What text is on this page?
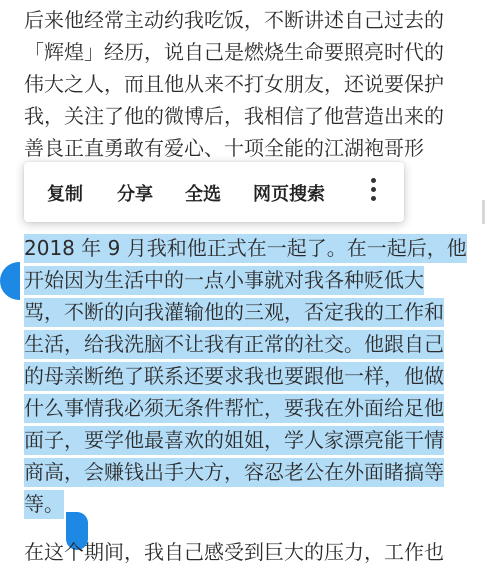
后来他经常主动约我吃饭，不断讲述自己过去的
「辉煌」经历，说自己是燃烧生命要照亮时代的
伟大之人，而且他从来不打女朋友，还说要保护
我，关注了他的微博后，我相信了他营造出来的
善良正直勇敢有爱心、十项全能的江湖袍哥形
复制 分享 全选 网页搜索
2018 年 9 月我和他正式在一起了。在一起后，他
开始因为生活中的一点小事就对我各种贬低大
骂，不断的向我灌输他的三观，否定我的工作和
生活，给我洗脑不让我有正常的社交。他跟自己
的母亲断绝了联系还要求我也要跟他一样，他做
什么事情我必须无条件帮忙，要我在外面给足他
面子，要学他最喜欢的姐姐，学人家漂亮能干情
商高，会赚钱出手大方，容忍老公在外面睹搞等
等。
在这个期间，我自己感受到巨大的压力，工作也
